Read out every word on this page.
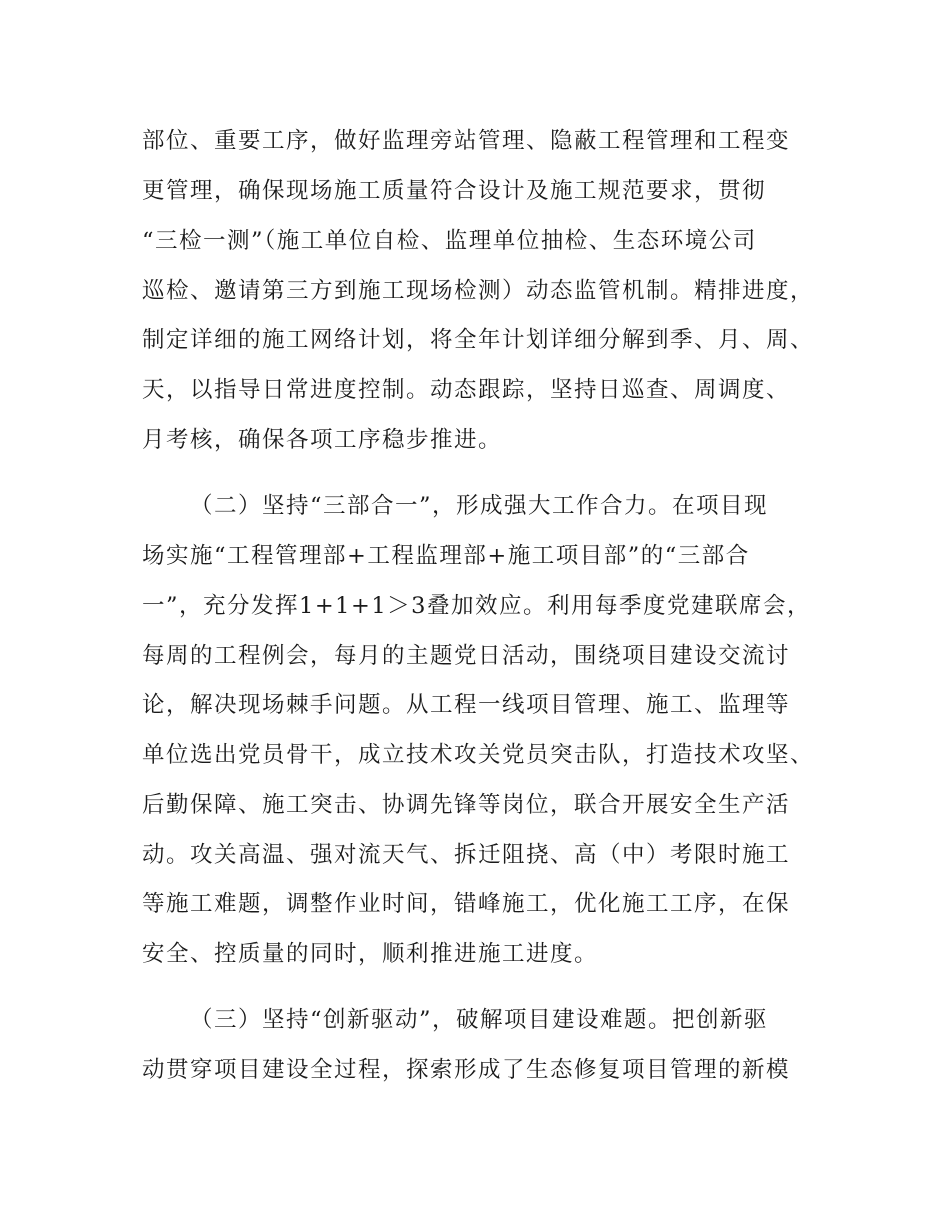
部位、重要工序，做好监理旁站管理、隐蔽工程管理和工程变
更管理，确保现场施工质量符合设计及施工规范要求，贯彻
“三检一测”（施工单位自检、监理单位抽检、生态环境公司
巡检、邀请第三方到施工现场检测）动态监管机制。精排进度，
制定详细的施工网络计划，将全年计划详细分解到季、月、周、
天，以指导日常进度控制。动态跟踪，坚持日巡查、周调度、
月考核，确保各项工序稳步推进。
（二）坚持“三部合一”，形成强大工作合力。在项目现
场实施“工程管理部+工程监理部+施工项目部”的“三部合
一”，充分发挥1+1+1＞3叠加效应。利用每季度党建联席会，
每周的工程例会，每月的主题党日活动，围绕项目建设交流讨
论，解决现场棘手问题。从工程一线项目管理、施工、监理等
单位选出党员骨干，成立技术攻关党员突击队，打造技术攻坚、
后勤保障、施工突击、协调先锋等岗位，联合开展安全生产活
动。攻关高温、强对流天气、拆迁阻挠、高（中）考限时施工
等施工难题，调整作业时间，错峰施工，优化施工工序，在保
安全、控质量的同时，顺利推进施工进度。
（三）坚持“创新驱动”，破解项目建设难题。把创新驱
动贯穿项目建设全过程，探索形成了生态修复项目管理的新模
